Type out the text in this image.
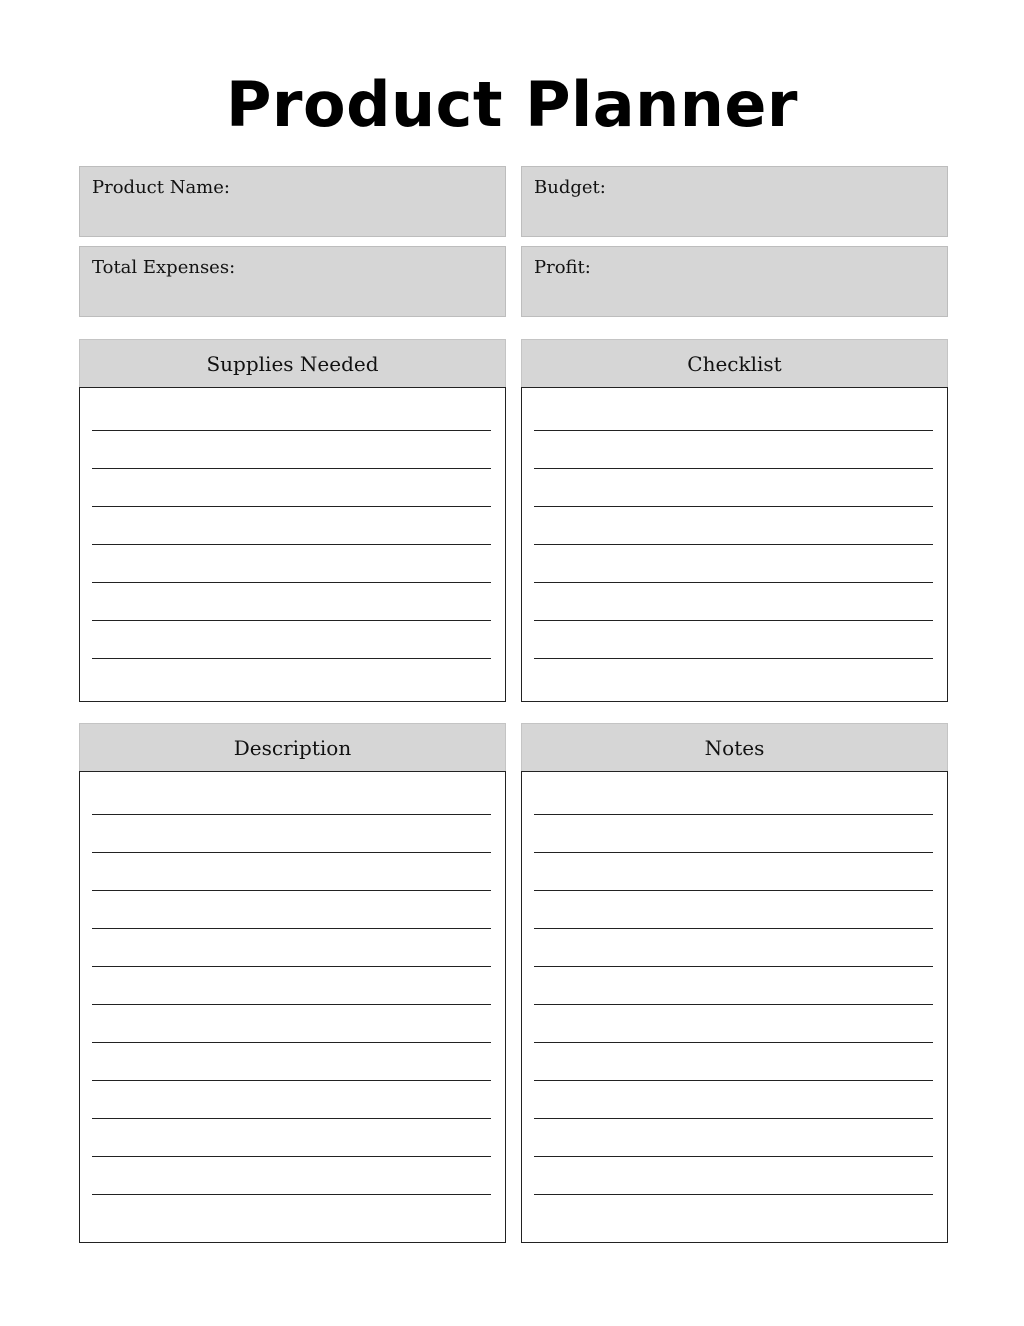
Product Planner
Product Name:	Budget:
Total Expenses:	Profit:
Supplies Needed	Checklist
Description	Notes
